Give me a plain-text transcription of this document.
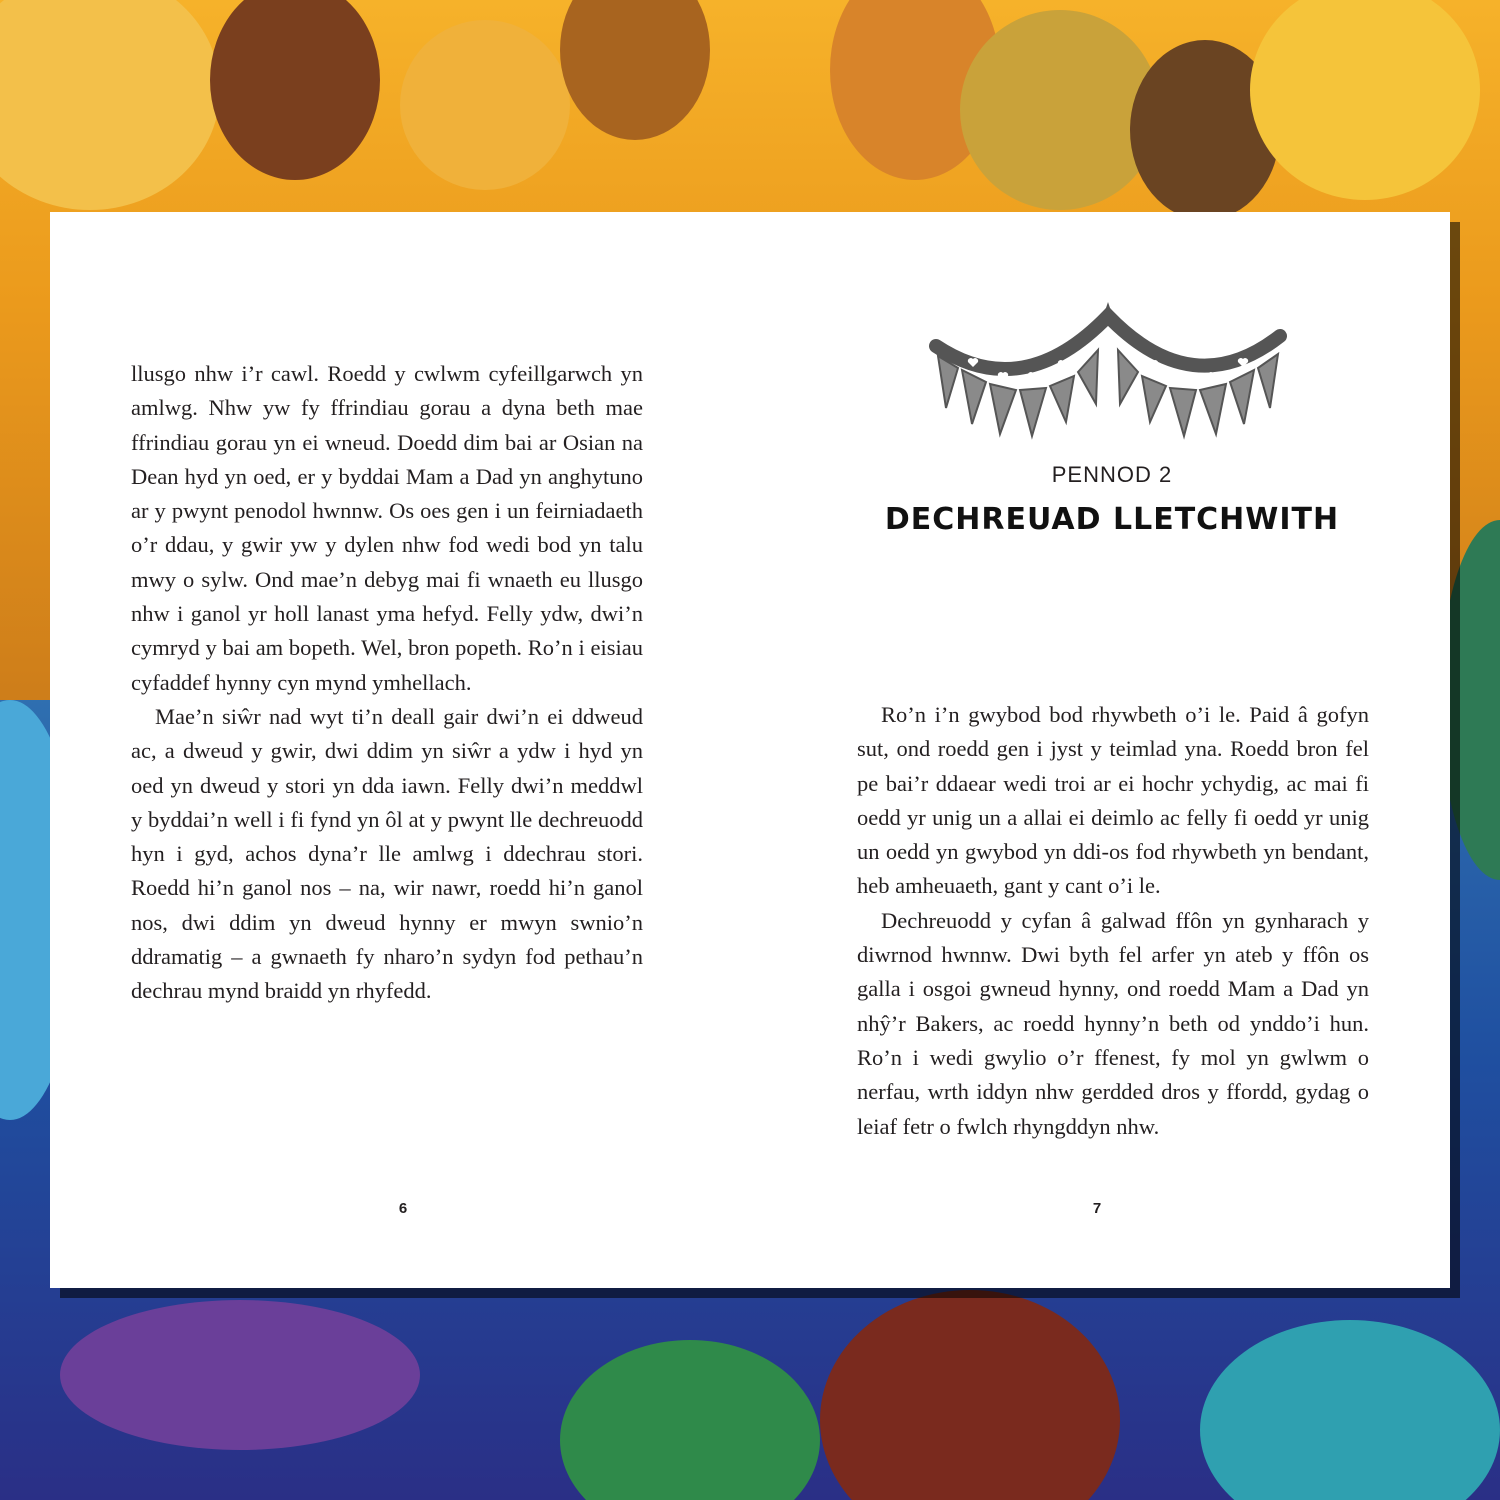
llusgo nhw i’r cawl. Roedd y cwlwm cyfeillgarwch yn amlwg. Nhw yw fy ffrindiau gorau a dyna beth mae ffrindiau gorau yn ei wneud. Doedd dim bai ar Osian na Dean hyd yn oed, er y byddai Mam a Dad yn anghytuno ar y pwynt penodol hwnnw. Os oes gen i un feirniadaeth o’r ddau, y gwir yw y dylen nhw fod wedi bod yn talu mwy o sylw. Ond mae’n debyg mai fi wnaeth eu llusgo nhw i ganol yr holl lanast yma hefyd. Felly ydw, dwi’n cymryd y bai am bopeth. Wel, bron popeth. Ro’n i eisiau cyfaddef hynny cyn mynd ymhellach.

Mae’n siŵr nad wyt ti’n deall gair dwi’n ei ddweud ac, a dweud y gwir, dwi ddim yn siŵr a ydw i hyd yn oed yn dweud y stori yn dda iawn. Felly dwi’n meddwl y byddai’n well i fi fynd yn ôl at y pwynt lle dechreuodd hyn i gyd, achos dyna’r lle amlwg i ddechrau stori. Roedd hi’n ganol nos – na, wir nawr, roedd hi’n ganol nos, dwi ddim yn dweud hynny er mwyn swnio’n ddramatig – a gwnaeth fy nharo’n sydyn fod pethau’n dechrau mynd braidd yn rhyfedd.

6
PENNOD 2
DECHREUAD LLETCHWITH

Ro’n i’n gwybod bod rhywbeth o’i le. Paid â gofyn sut, ond roedd gen i jyst y teimlad yna. Roedd bron fel pe bai’r ddaear wedi troi ar ei hochr ychydig, ac mai fi oedd yr unig un a allai ei deimlo ac felly fi oedd yr unig un oedd yn gwybod yn ddi-os fod rhywbeth yn bendant, heb amheuaeth, gant y cant o’i le.

Dechreuodd y cyfan â galwad ffôn yn gynharach y diwrnod hwnnw. Dwi byth fel arfer yn ateb y ffôn os galla i osgoi gwneud hynny, ond roedd Mam a Dad yn nhŷ’r Bakers, ac roedd hynny’n beth od ynddo’i hun. Ro’n i wedi gwylio o’r ffenest, fy mol yn gwlwm o nerfau, wrth iddyn nhw gerdded dros y ffordd, gydag o leiaf fetr o fwlch rhyngddyn nhw.

7
